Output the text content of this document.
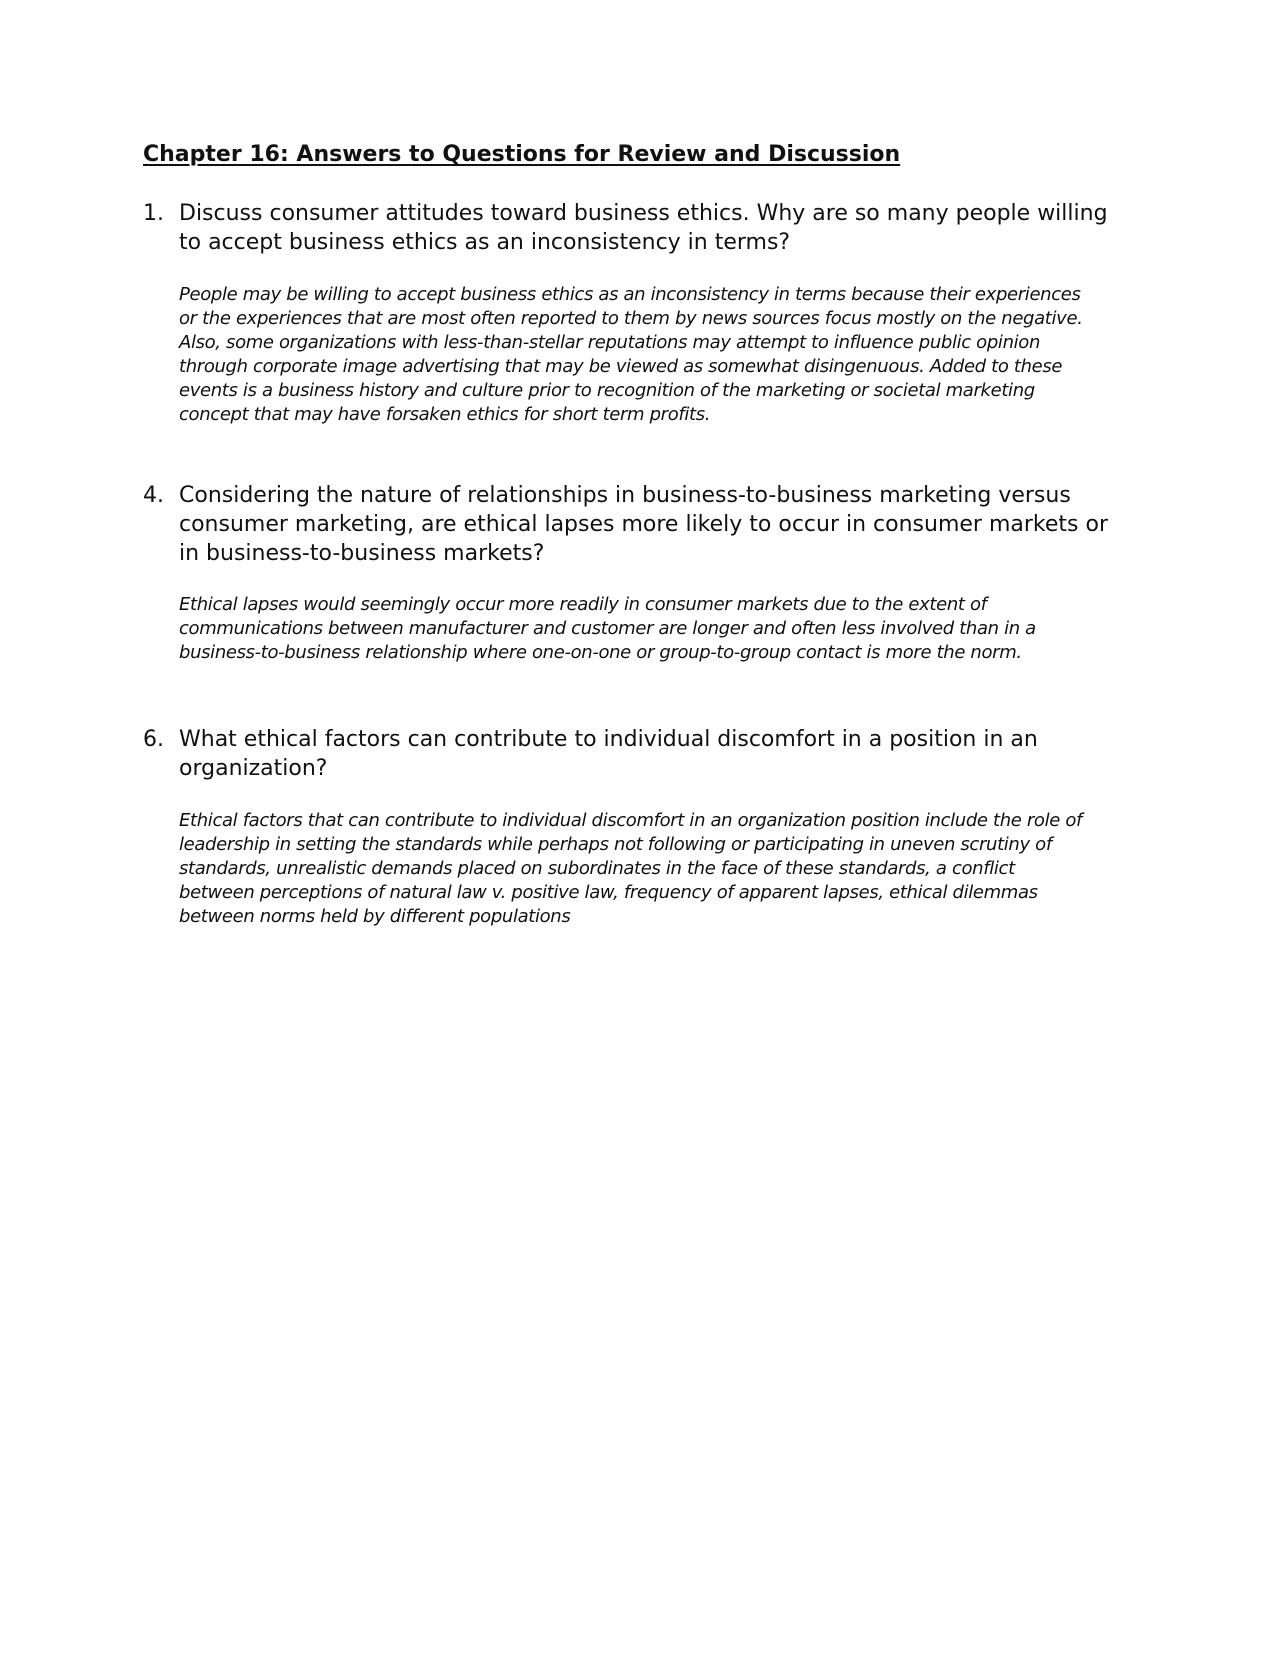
Chapter 16: Answers to Questions for Review and Discussion
1. Discuss consumer attitudes toward business ethics. Why are so many people willing to accept business ethics as an inconsistency in terms?
People may be willing to accept business ethics as an inconsistency in terms because their experiences or the experiences that are most often reported to them by news sources focus mostly on the negative. Also, some organizations with less-than-stellar reputations may attempt to influence public opinion through corporate image advertising that may be viewed as somewhat disingenuous. Added to these events is a business history and culture prior to recognition of the marketing or societal marketing concept that may have forsaken ethics for short term profits.
4. Considering the nature of relationships in business-to-business marketing versus consumer marketing, are ethical lapses more likely to occur in consumer markets or in business-to-business markets?
Ethical lapses would seemingly occur more readily in consumer markets due to the extent of communications between manufacturer and customer are longer and often less involved than in a business-to-business relationship where one-on-one or group-to-group contact is more the norm.
6. What ethical factors can contribute to individual discomfort in a position in an organization?
Ethical factors that can contribute to individual discomfort in an organization position include the role of leadership in setting the standards while perhaps not following or participating in uneven scrutiny of standards, unrealistic demands placed on subordinates in the face of these standards, a conflict between perceptions of natural law v. positive law, frequency of apparent lapses, ethical dilemmas between norms held by different populations
